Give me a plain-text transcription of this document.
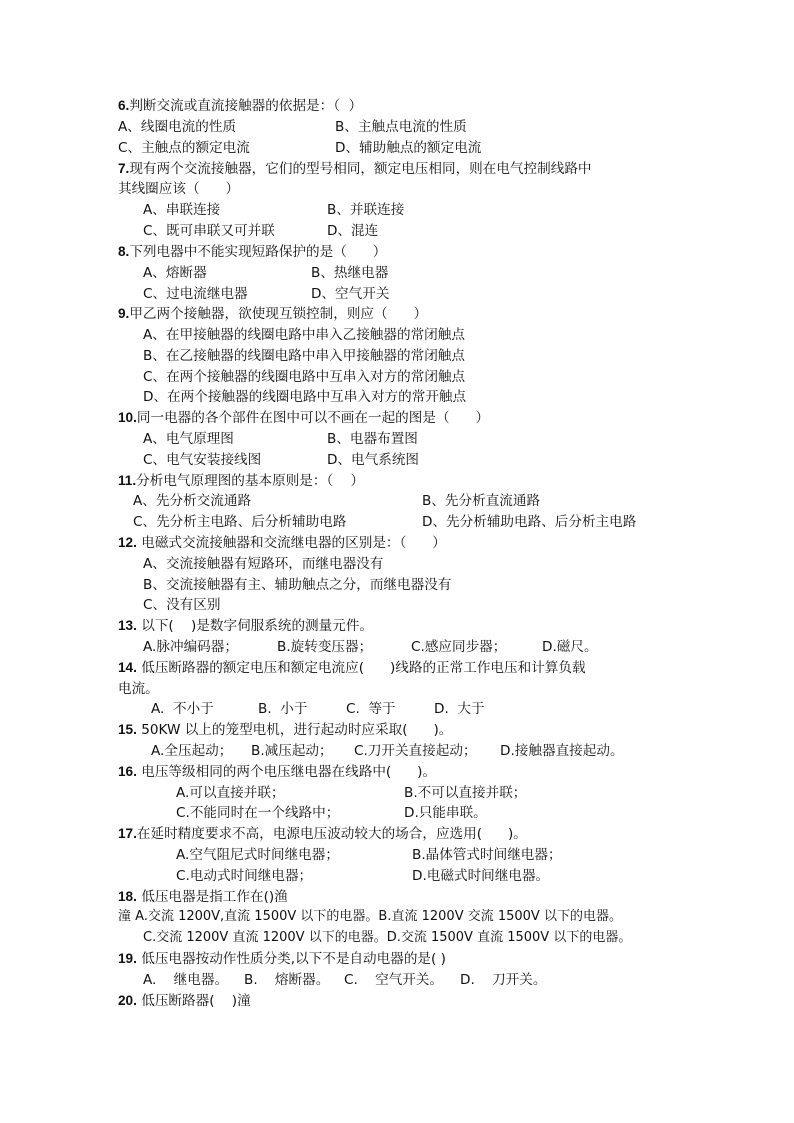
6.判断交流或直流接触器的依据是：（  ）
A、线圈电流的性质	B、主触点电流的性质
C、主触点的额定电流	D、辅助触点的额定电流
7.现有两个交流接触器，它们的型号相同，额定电压相同，则在电气控制线路中
其线圈应该（      ）
A、串联连接	B、并联连接
C、既可串联又可并联	D、混连
8.下列电器中不能实现短路保护的是（      ）
A、熔断器	B、热继电器
C、过电流继电器	D、空气开关
9.甲乙两个接触器，欲使现互锁控制，则应（      ）
A、在甲接触器的线圈电路中串入乙接触器的常闭触点
B、在乙接触器的线圈电路中串入甲接触器的常闭触点
C、在两个接触器的线圈电路中互串入对方的常闭触点
D、在两个接触器的线圈电路中互串入对方的常开触点
10.同一电器的各个部件在图中可以不画在一起的图是（      ）
A、电气原理图	B、电器布置图
C、电气安装接线图	D、电气系统图
11.分析电气原理图的基本原则是：（    ）
A、先分析交流通路	B、先分析直流通路
C、先分析主电路、后分析辅助电路	D、先分析辅助电路、后分析主电路
12. 电磁式交流接触器和交流继电器的区别是：（      ）
A、交流接触器有短路环，而继电器没有
B、交流接触器有主、辅助触点之分，而继电器没有
C、没有区别
13. 以下(    )是数字伺服系统的测量元件。
A.脉冲编码器；	B.旋转变压器；	C.感应同步器；	D.磁尺。
14. 低压断路器的额定电压和额定电流应(      )线路的正常工作电压和计算负载
电流。
A.  不小于	B.  小于	C.  等于	D.  大于
15. 50KW 以上的笼型电机，进行起动时应采取(      )。
A.全压起动； B.减压起动； C.刀开关直接起动； D.接触器直接起动。
16. 电压等级相同的两个电压继电器在线路中(      )。
A.可以直接并联；	B.不可以直接并联；
C.不能同时在一个线路中；	D.只能串联。
17.在延时精度要求不高，电源电压波动较大的场合，应选用(      )。
A.空气阻尼式时间继电器；	B.晶体管式时间继电器；
C.电动式时间继电器；	D.电磁式时间继电器。
18. 低压电器是指工作在()渔
潼 A.交流 1200V,直流 1500V 以下的电器。B.直流 1200V 交流 1500V 以下的电器。
C.交流 1200V 直流 1200V 以下的电器。D.交流 1500V 直流 1500V 以下的电器。
19. 低压电器按动作性质分类,以下不是自动电器的是( )
A.    继电器。 B.    熔断器。 C.    空气开关。 D.    刀开关。
20. 低压断路器(    )潼
